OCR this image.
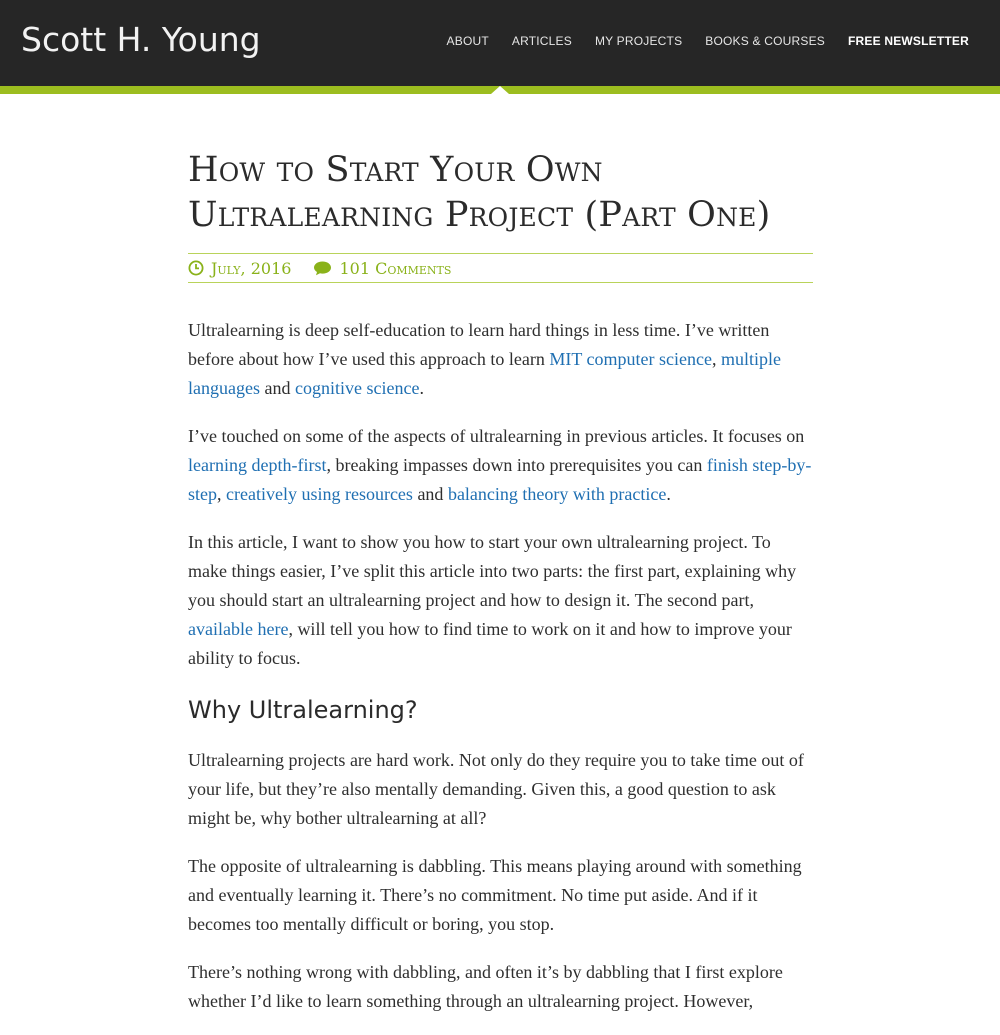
Scott H. Young	ABOUT ARTICLES MY PROJECTS BOOKS & COURSES FREE NEWSLETTER
How to Start Your Own Ultralearning Project (Part One)
July, 2016	101 Comments

Ultralearning is deep self-education to learn hard things in less time. I’ve written before about how I’ve used this approach to learn MIT computer science, multiple languages and cognitive science.

I’ve touched on some of the aspects of ultralearning in previous articles. It focuses on learning depth-first, breaking impasses down into prerequisites you can finish step-by-step, creatively using resources and balancing theory with practice.

In this article, I want to show you how to start your own ultralearning project. To make things easier, I’ve split this article into two parts: the first part, explaining why you should start an ultralearning project and how to design it. The second part, available here, will tell you how to find time to work on it and how to improve your ability to focus.

Why Ultralearning?

Ultralearning projects are hard work. Not only do they require you to take time out of your life, but they’re also mentally demanding. Given this, a good question to ask might be, why bother ultralearning at all?

The opposite of ultralearning is dabbling. This means playing around with something and eventually learning it. There’s no commitment. No time put aside. And if it becomes too mentally difficult or boring, you stop.

There’s nothing wrong with dabbling, and often it’s by dabbling that I first explore whether I’d like to learn something through an ultralearning project. However,
